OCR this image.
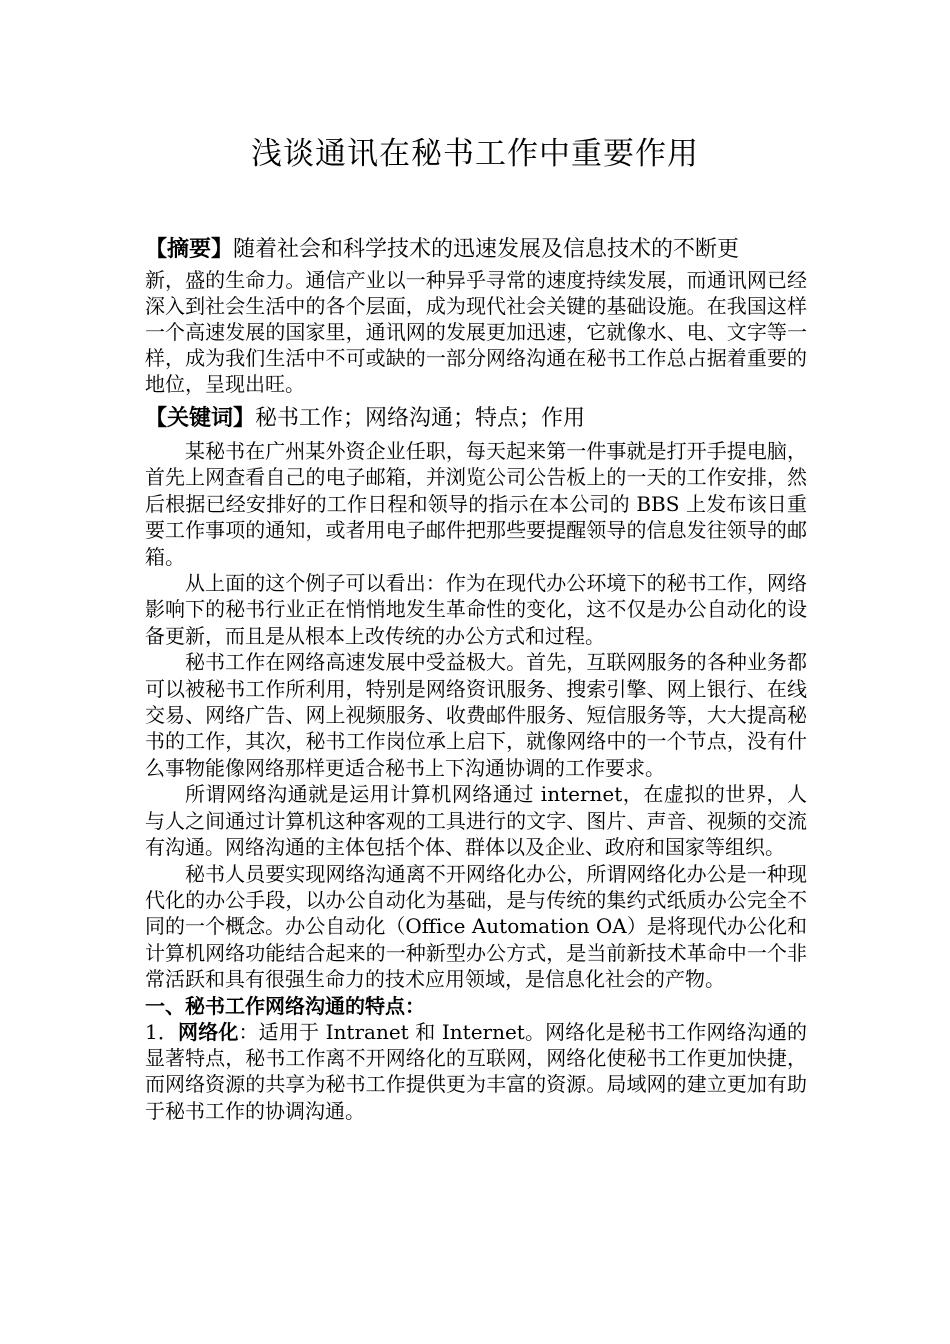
浅谈通讯在秘书工作中重要作用

【摘要】随着社会和科学技术的迅速发展及信息技术的不断更

新，盛的生命力。通信产业以一种异乎寻常的速度持续发展，而通讯网已经深入到社会生活中的各个层面，成为现代社会关键的基础设施。在我国这样一个高速发展的国家里，通讯网的发展更加迅速，它就像水、电、文字等一样，成为我们生活中不可或缺的一部分网络沟通在秘书工作总占据着重要的地位，呈现出旺。

【关键词】秘书工作；网络沟通；特点；作用

某秘书在广州某外资企业任职，每天起来第一件事就是打开手提电脑，首先上网查看自己的电子邮箱，并浏览公司公告板上的一天的工作安排，然后根据已经安排好的工作日程和领导的指示在本公司的 BBS 上发布该日重要工作事项的通知，或者用电子邮件把那些要提醒领导的信息发往领导的邮箱。

从上面的这个例子可以看出：作为在现代办公环境下的秘书工作，网络影响下的秘书行业正在悄悄地发生革命性的变化，这不仅是办公自动化的设备更新，而且是从根本上改传统的办公方式和过程。

秘书工作在网络高速发展中受益极大。首先，互联网服务的各种业务都可以被秘书工作所利用，特别是网络资讯服务、搜索引擎、网上银行、在线交易、网络广告、网上视频服务、收费邮件服务、短信服务等，大大提高秘书的工作，其次，秘书工作岗位承上启下，就像网络中的一个节点，没有什么事物能像网络那样更适合秘书上下沟通协调的工作要求。

所谓网络沟通就是运用计算机网络通过 internet，在虚拟的世界，人与人之间通过计算机这种客观的工具进行的文字、图片、声音、视频的交流有沟通。网络沟通的主体包括个体、群体以及企业、政府和国家等组织。

秘书人员要实现网络沟通离不开网络化办公，所谓网络化办公是一种现代化的办公手段，以办公自动化为基础，是与传统的集约式纸质办公完全不同的一个概念。办公自动化（Office Automation OA）是将现代办公化和计算机网络功能结合起来的一种新型办公方式，是当前新技术革命中一个非常活跃和具有很强生命力的技术应用领域，是信息化社会的产物。

一、秘书工作网络沟通的特点：

1．网络化：适用于 Intranet 和 Internet。网络化是秘书工作网络沟通的显著特点，秘书工作离不开网络化的互联网，网络化使秘书工作更加快捷，而网络资源的共享为秘书工作提供更为丰富的资源。局域网的建立更加有助于秘书工作的协调沟通。
